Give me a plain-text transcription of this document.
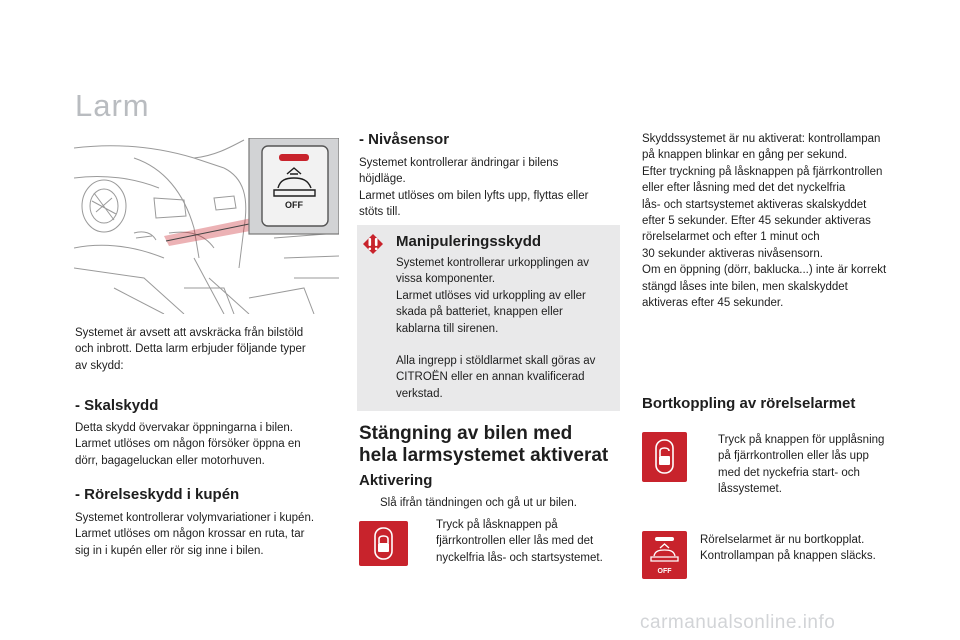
Larm
OFF

Systemet är avsett att avskräcka från bilstöld
och inbrott. Detta larm erbjuder följande typer
av skydd:

- Skalskydd

Detta skydd övervakar öppningarna i bilen.
Larmet utlöses om någon försöker öppna en
dörr, bagageluckan eller motorhuven.

- Rörelseskydd i kupén

Systemet kontrollerar volymvariationer i kupén.
Larmet utlöses om någon krossar en ruta, tar
sig in i kupén eller rör sig inne i bilen.

- Nivåsensor

Systemet kontrollerar ändringar i bilens
höjdläge.
Larmet utlöses om bilen lyfts upp, flyttas eller
stöts till.

Manipuleringsskydd

Systemet kontrollerar urkopplingen av
vissa komponenter.
Larmet utlöses vid urkoppling av eller
skada på batteriet, knappen eller
kablarna till sirenen.

Alla ingrepp i stöldlarmet skall göras av
CITROËN eller en annan kvalificerad
verkstad.

Stängning av bilen med
hela larmsystemet aktiverat
Aktivering
Slå ifrån tändningen och gå ut ur bilen.
Tryck på låsknappen på
fjärrkontrollen eller lås med det
nyckelfria lås- och startsystemet.

Skyddssystemet är nu aktiverat: kontrollampan
på knappen blinkar en gång per sekund.
Efter tryckning på låsknappen på fjärrkontrollen
eller efter låsning med det det nyckelfria
lås- och startsystemet aktiveras skalskyddet
efter 5 sekunder. Efter 45 sekunder aktiveras
rörelselarmet och efter 1 minut och
30 sekunder aktiveras nivåsensorn.
Om en öppning (dörr, baklucka...) inte är korrekt
stängd låses inte bilen, men skalskyddet
aktiveras efter 45 sekunder.

Bortkoppling av rörelselarmet
Tryck på knappen för upplåsning
på fjärrkontrollen eller lås upp
med det nyckefria start- och
låssystemet.
OFF

Rörelselarmet är nu bortkopplat.
Kontrollampan på knappen släcks.

carmanualsonline.info
